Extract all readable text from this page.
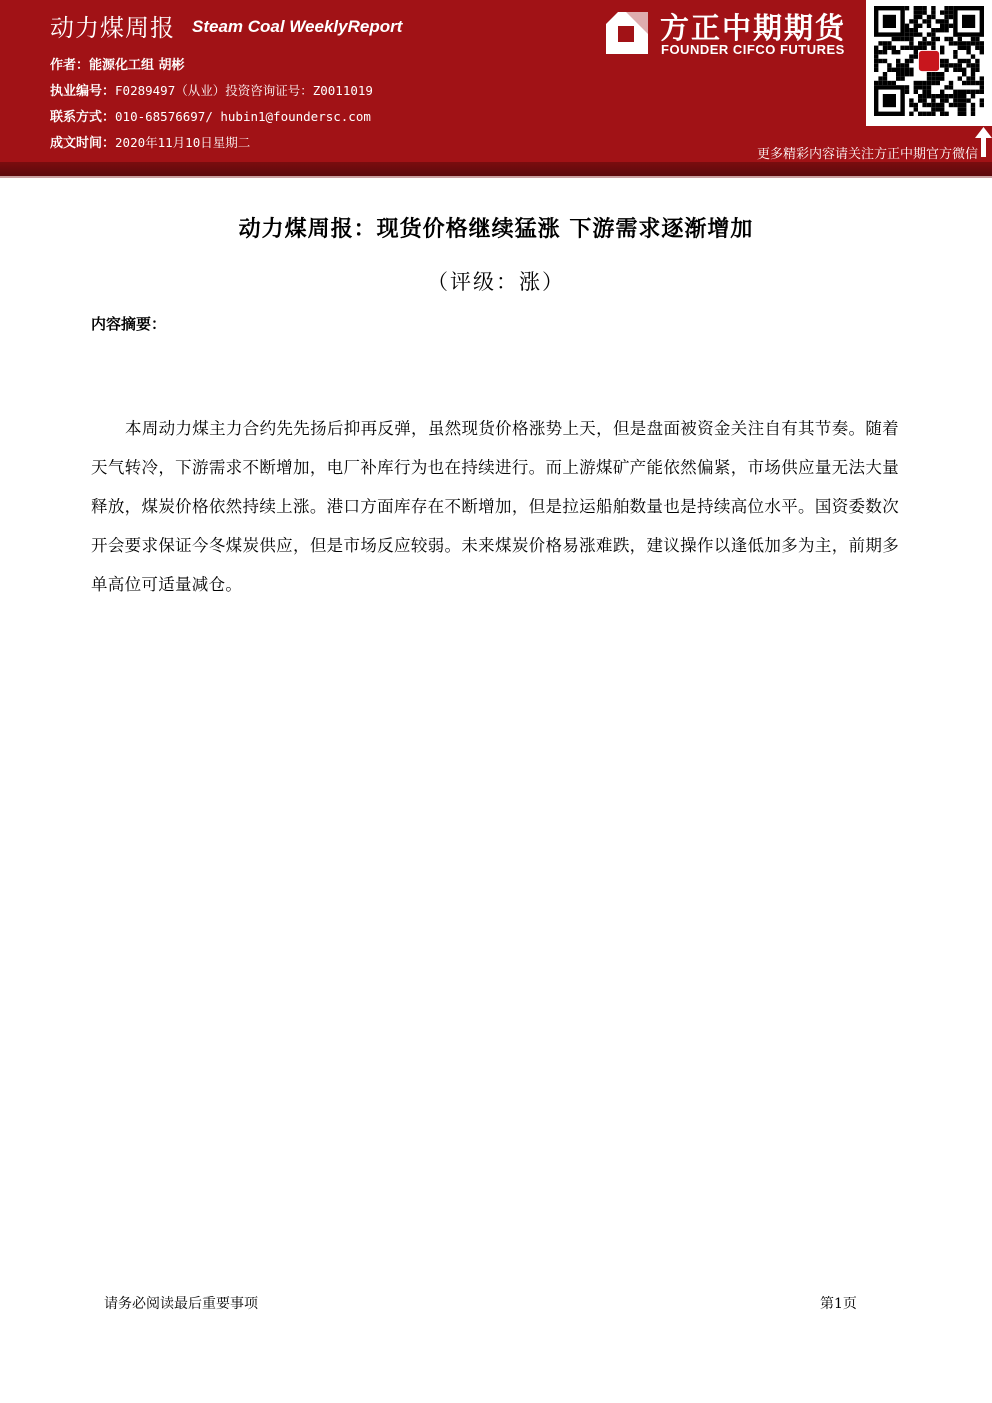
动力煤周报 Steam Coal WeeklyReport
作者：能源化工组 胡彬
执业编号：F0289497（从业）投资咨询证号：Z0011019
联系方式：010-68576697/ hubin1@foundersc.com
成文时间：2020年11月10日星期二
方正中期期货
FOUNDER CIFCO FUTURES
更多精彩内容请关注方正中期官方微信
动力煤周报：现货价格继续猛涨 下游需求逐渐增加
（评级：涨）
内容摘要：
本周动力煤主力合约先先扬后抑再反弹，虽然现货价格涨势上天，但是盘面被资金关注自有其节奏。随着天气转冷，下游需求不断增加，电厂补库行为也在持续进行。而上游煤矿产能依然偏紧，市场供应量无法大量释放，煤炭价格依然持续上涨。港口方面库存在不断增加，但是拉运船舶数量也是持续高位水平。国资委数次开会要求保证今冬煤炭供应，但是市场反应较弱。未来煤炭价格易涨难跌，建议操作以逢低加多为主，前期多单高位可适量减仓。
请务必阅读最后重要事项	第1页
